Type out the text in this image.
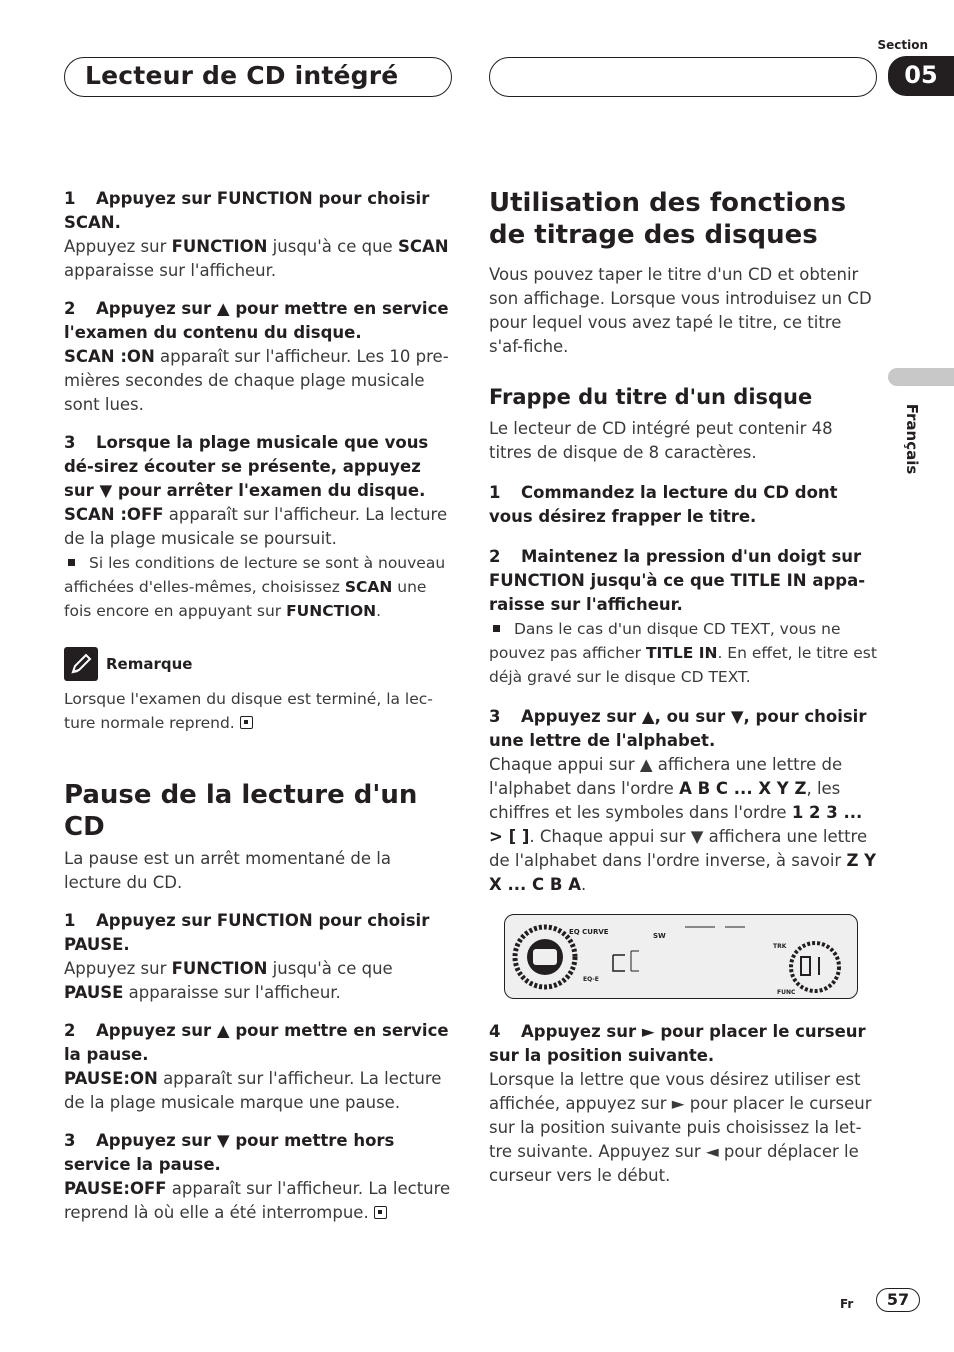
Lecteur de CD intégré
Section
05
Français
1 Appuyez sur FUNCTION pour choisir SCAN.

Appuyez sur FUNCTION jusqu'à ce que SCAN apparaisse sur l'afficheur.

2 Appuyez sur ▲ pour mettre en service l'examen du contenu du disque.

SCAN :ON apparaît sur l'afficheur. Les 10 pre-mières secondes de chaque plage musicale sont lues.

3 Lorsque la plage musicale que vous dé-sirez écouter se présente, appuyez sur ▼ pour arrêter l'examen du disque.

SCAN :OFF apparaît sur l'afficheur. La lecture de la plage musicale se poursuit.

Si les conditions de lecture se sont à nouveau affichées d'elles-mêmes, choisissez SCAN une fois encore en appuyant sur FUNCTION.

Remarque

Lorsque l'examen du disque est terminé, la lec-ture normale reprend.

Pause de la lecture d'un CD

La pause est un arrêt momentané de la lecture du CD.

1 Appuyez sur FUNCTION pour choisir PAUSE.

Appuyez sur FUNCTION jusqu'à ce que PAUSE apparaisse sur l'afficheur.

2 Appuyez sur ▲ pour mettre en service la pause.

PAUSE:ON apparaît sur l'afficheur. La lecture de la plage musicale marque une pause.

3 Appuyez sur ▼ pour mettre hors service la pause.

PAUSE:OFF apparaît sur l'afficheur. La lecture reprend là où elle a été interrompue.

Utilisation des fonctions de titrage des disques

Vous pouvez taper le titre d'un CD et obtenir son affichage. Lorsque vous introduisez un CD pour lequel vous avez tapé le titre, ce titre s'af-fiche.

Frappe du titre d'un disque

Le lecteur de CD intégré peut contenir 48 titres de disque de 8 caractères.

1 Commandez la lecture du CD dont vous désirez frapper le titre.
2 Maintenez la pression d'un doigt sur FUNCTION jusqu'à ce que TITLE IN appa-raisse sur l'afficheur.

Dans le cas d'un disque CD TEXT, vous ne pouvez pas afficher TITLE IN. En effet, le titre est déjà gravé sur le disque CD TEXT.

3 Appuyez sur ▲, ou sur ▼, pour choisir une lettre de l'alphabet.

Chaque appui sur ▲ affichera une lettre de l'alphabet dans l'ordre A B C ... X Y Z, les chiffres et les symboles dans l'ordre 1 2 3 ... > [ ]. Chaque appui sur ▼ affichera une lettre de l'alphabet dans l'ordre inverse, à savoir Z Y X ... C B A.

EQ CURVE
EQ-E
SW
TRK
FUNC
4 Appuyez sur ► pour placer le curseur sur la position suivante.

Lorsque la lettre que vous désirez utiliser est affichée, appuyez sur ► pour placer le curseur sur la position suivante puis choisissez la let-tre suivante. Appuyez sur ◄ pour déplacer le curseur vers le début.

Fr	57
